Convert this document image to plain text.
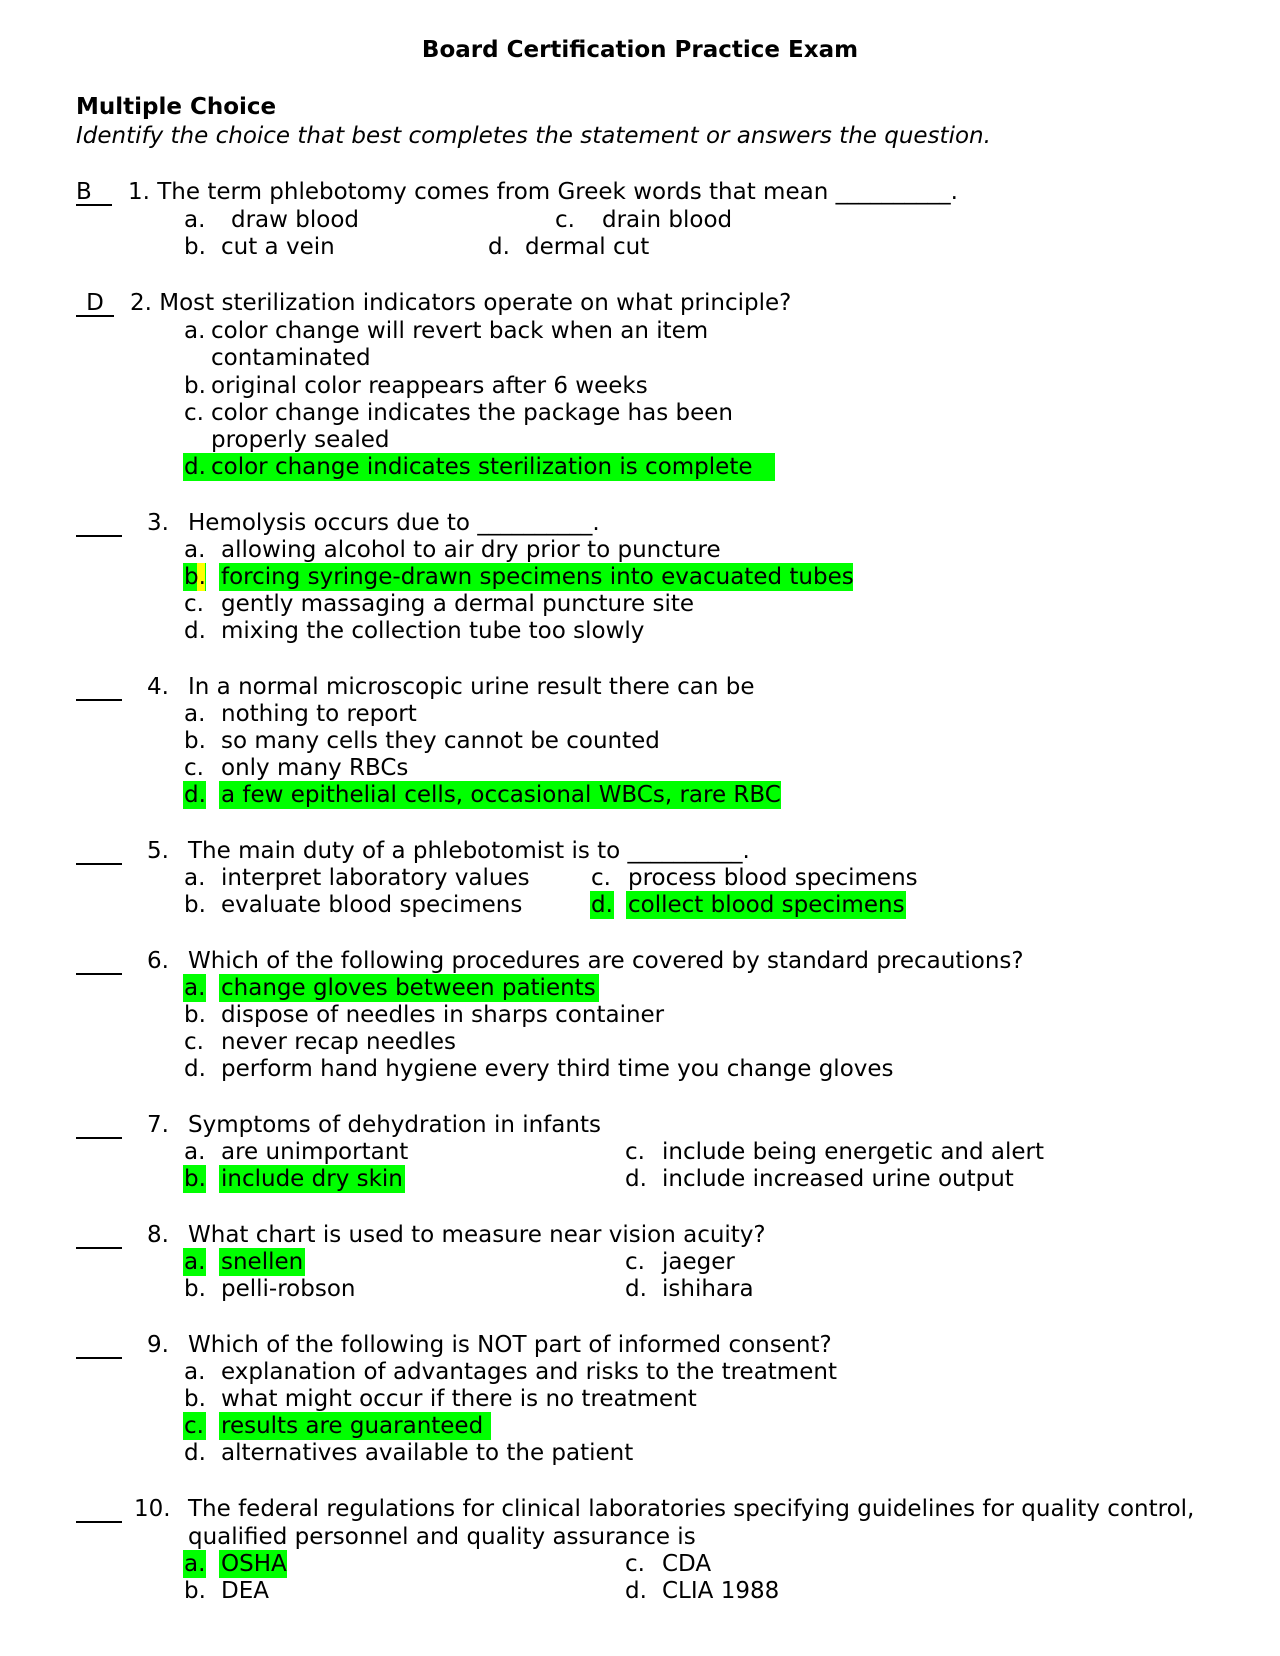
Board Certification Practice Exam
Multiple Choice
Identify the choice that best completes the statement or answers the question.
B	1. The term phlebotomy comes from Greek words that mean __________.
a. draw blood	c. drain blood
b. cut a vein	d. dermal cut
D	2. Most sterilization indicators operate on what principle?
a. color change will revert back when an item
contaminated
b. original color reappears after 6 weeks
c. color change indicates the package has been
properly sealed
d. color change indicates sterilization is complete

3. Hemolysis occurs due to __________.
a. allowing alcohol to air dry prior to puncture
b. forcing syringe-drawn specimens into evacuated tubes
c. gently massaging a dermal puncture site
d. mixing the collection tube too slowly

4. In a normal microscopic urine result there can be
a. nothing to report
b. so many cells they cannot be counted
c. only many RBCs
d. a few epithelial cells, occasional WBCs, rare RBC

5. The main duty of a phlebotomist is to __________.
a. interpret laboratory values	c. process blood specimens
b. evaluate blood specimens	d. collect blood specimens

6. Which of the following procedures are covered by standard precautions?
a. change gloves between patients
b. dispose of needles in sharps container
c. never recap needles
d. perform hand hygiene every third time you change gloves

7. Symptoms of dehydration in infants
a. are unimportant	c. include being energetic and alert
b. include dry skin	d. include increased urine output

8. What chart is used to measure near vision acuity?
a. snellen	c. jaeger
b. pelli-robson	d. ishihara

9. Which of the following is NOT part of informed consent?
a. explanation of advantages and risks to the treatment
b. what might occur if there is no treatment
c. results are guaranteed
d. alternatives available to the patient

10. The federal regulations for clinical laboratories specifying guidelines for quality control,
qualified personnel and quality assurance is
a. OSHA	c. CDA
b. DEA	d. CLIA 1988
